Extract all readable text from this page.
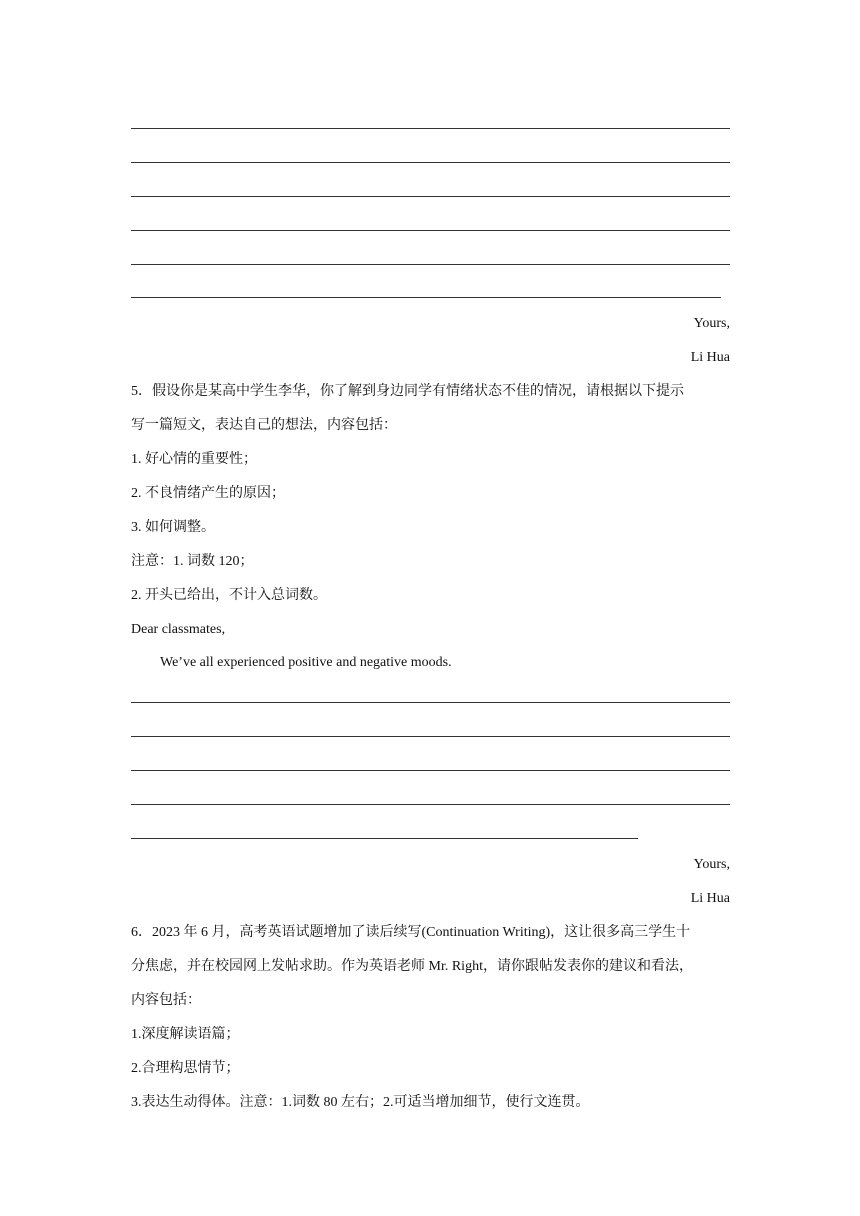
Yours,
Li Hua
5．假设你是某高中学生李华，你了解到身边同学有情绪状态不佳的情况，请根据以下提示
写一篇短文，表达自己的想法，内容包括：
1. 好心情的重要性；
2. 不良情绪产生的原因；
3. 如何调整。
注意：1. 词数 120；
2. 开头已给出，不计入总词数。
Dear classmates,
We’ve all experienced positive and negative moods.
Yours,
Li Hua
6．2023 年 6 月，高考英语试题增加了读后续写(Continuation Writing)，这让很多高三学生十
分焦虑，并在校园网上发帖求助。作为英语老师 Mr. Right，请你跟帖发表你的建议和看法，
内容包括：
1.深度解读语篇；
2.合理构思情节；
3.表达生动得体。注意：1.词数 80 左右；2.可适当增加细节，使行文连贯。
